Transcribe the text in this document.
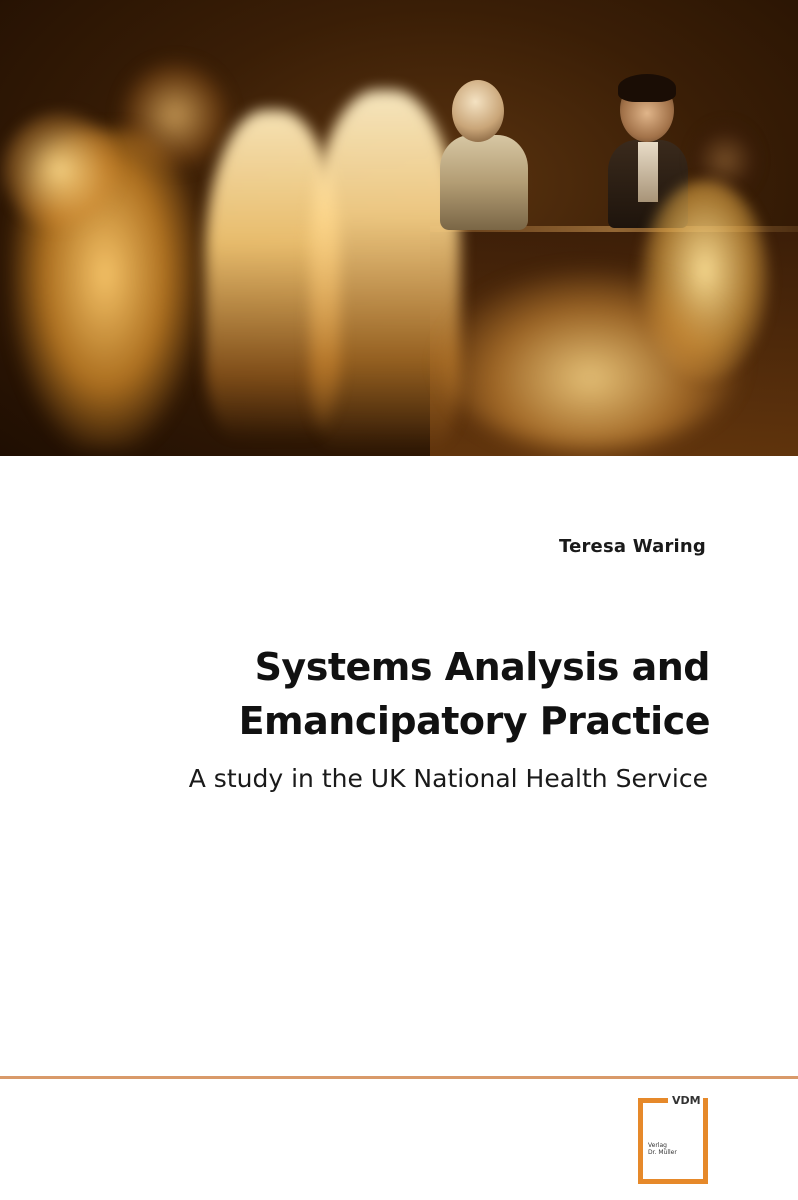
Teresa Waring
Systems Analysis and
Emancipatory Practice
A study in the UK National Health Service
VDM
Verlag
Dr. Müller
